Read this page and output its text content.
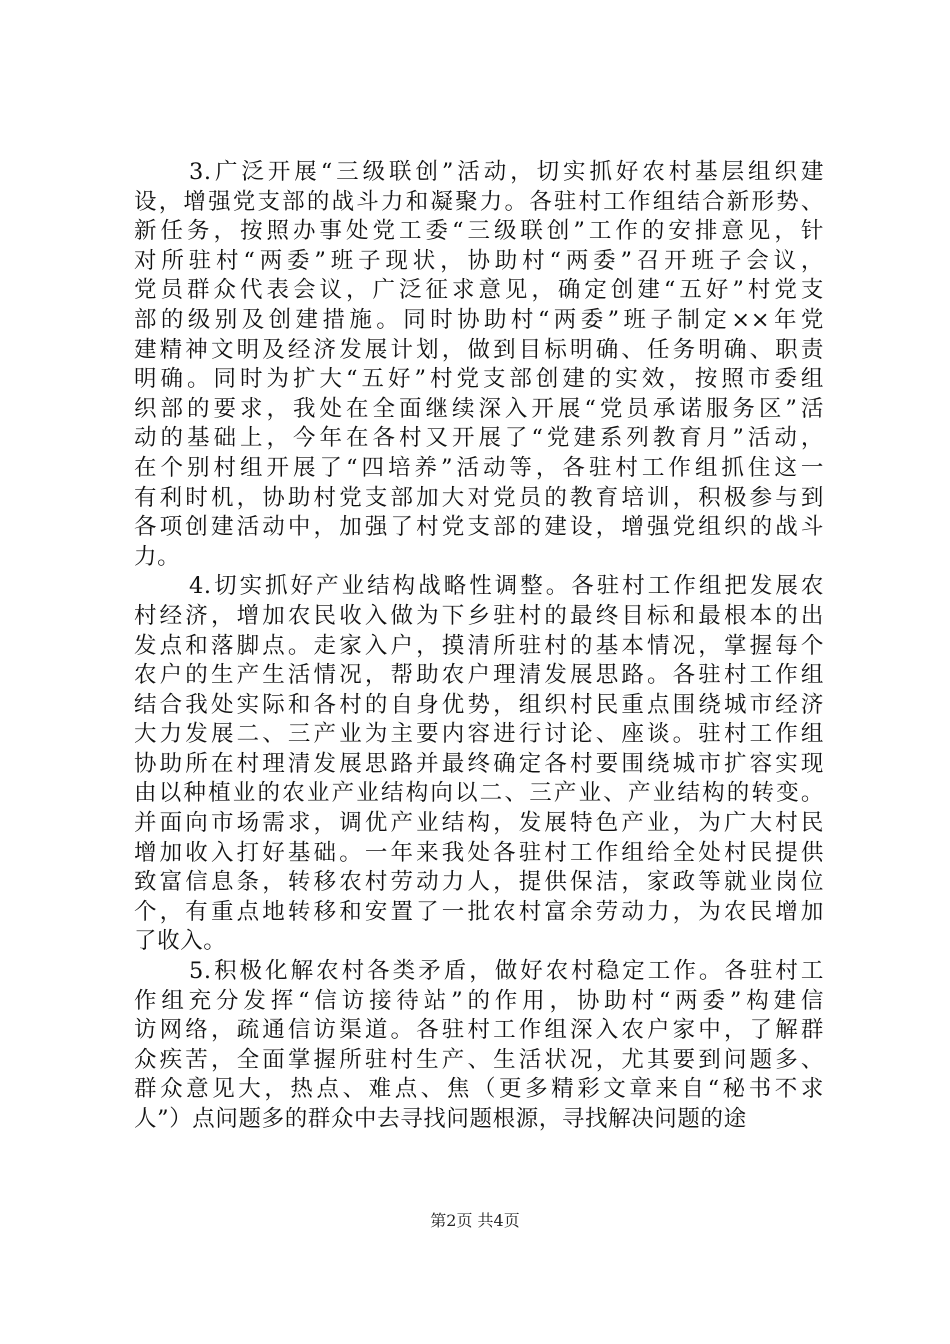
3.广泛开展“三级联创”活动，切实抓好农村基层组织建
设，增强党支部的战斗力和凝聚力。各驻村工作组结合新形势、
新任务，按照办事处党工委“三级联创”工作的安排意见，针
对所驻村“两委”班子现状，协助村“两委”召开班子会议，
党员群众代表会议，广泛征求意见，确定创建“五好”村党支
部的级别及创建措施。同时协助村“两委”班子制定××年党
建精神文明及经济发展计划，做到目标明确、任务明确、职责
明确。同时为扩大“五好”村党支部创建的实效，按照市委组
织部的要求，我处在全面继续深入开展“党员承诺服务区”活
动的基础上，今年在各村又开展了“党建系列教育月”活动，
在个别村组开展了“四培养”活动等，各驻村工作组抓住这一
有利时机，协助村党支部加大对党员的教育培训，积极参与到
各项创建活动中，加强了村党支部的建设，增强党组织的战斗
力。
4.切实抓好产业结构战略性调整。各驻村工作组把发展农
村经济，增加农民收入做为下乡驻村的最终目标和最根本的出
发点和落脚点。走家入户，摸清所驻村的基本情况，掌握每个
农户的生产生活情况，帮助农户理清发展思路。各驻村工作组
结合我处实际和各村的自身优势，组织村民重点围绕城市经济
大力发展二、三产业为主要内容进行讨论、座谈。驻村工作组
协助所在村理清发展思路并最终确定各村要围绕城市扩容实现
由以种植业的农业产业结构向以二、三产业、产业结构的转变。
并面向市场需求，调优产业结构，发展特色产业，为广大村民
增加收入打好基础。一年来我处各驻村工作组给全处村民提供
致富信息条，转移农村劳动力人，提供保洁，家政等就业岗位
个，有重点地转移和安置了一批农村富余劳动力，为农民增加
了收入。
5.积极化解农村各类矛盾，做好农村稳定工作。各驻村工
作组充分发挥“信访接待站”的作用，协助村“两委”构建信
访网络，疏通信访渠道。各驻村工作组深入农户家中，了解群
众疾苦，全面掌握所驻村生产、生活状况，尤其要到问题多、
群众意见大，热点、难点、焦（更多精彩文章来自“秘书不求
人”）点问题多的群众中去寻找问题根源，寻找解决问题的途
第2页 共4页
